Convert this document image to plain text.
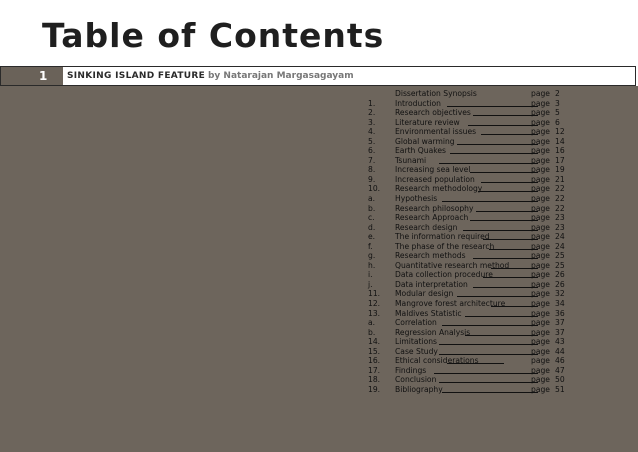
Table of Contents
1	SINKING ISLAND FEATURE by Natarajan Margasagayam
Dissertation Synopsis	page 2
1.	Introduction	page 3
2.	Research objectives	page 5
3.	Literature review	page 6
4.	Environmental issues	page 12
5.	Global warming	page 14
6.	Earth Quakes	page 16
7.	Tsunami	page 17
8.	Increasing sea level	page 19
9.	Increased population	page 21
10. Research methodology	page 22
a.	Hypothesis	page 22
b.	Research philosophy	page 22
c.	Research Approach	page 23
d.	Research design	page 23
e.	The information required	page 24
f.	The phase of the research	page 24
g.	Research methods	page 25
h.	Quantitative research method	page 25
i.	Data collection procedure	page 26
j.	Data interpretation	page 26
11. Modular design	page 32
12. Mangrove forest architecture	page 34
13. Maldives Statistic	page 36
a.	Correlation	page 37
b.	Regression Analysis	page 37
14. Limitations	page 43
15. Case Study	page 44
16. Ethical considerations	page 46
17. Findings	page 47
18. Conclusion	page 50
19. Bibliography	page 51
